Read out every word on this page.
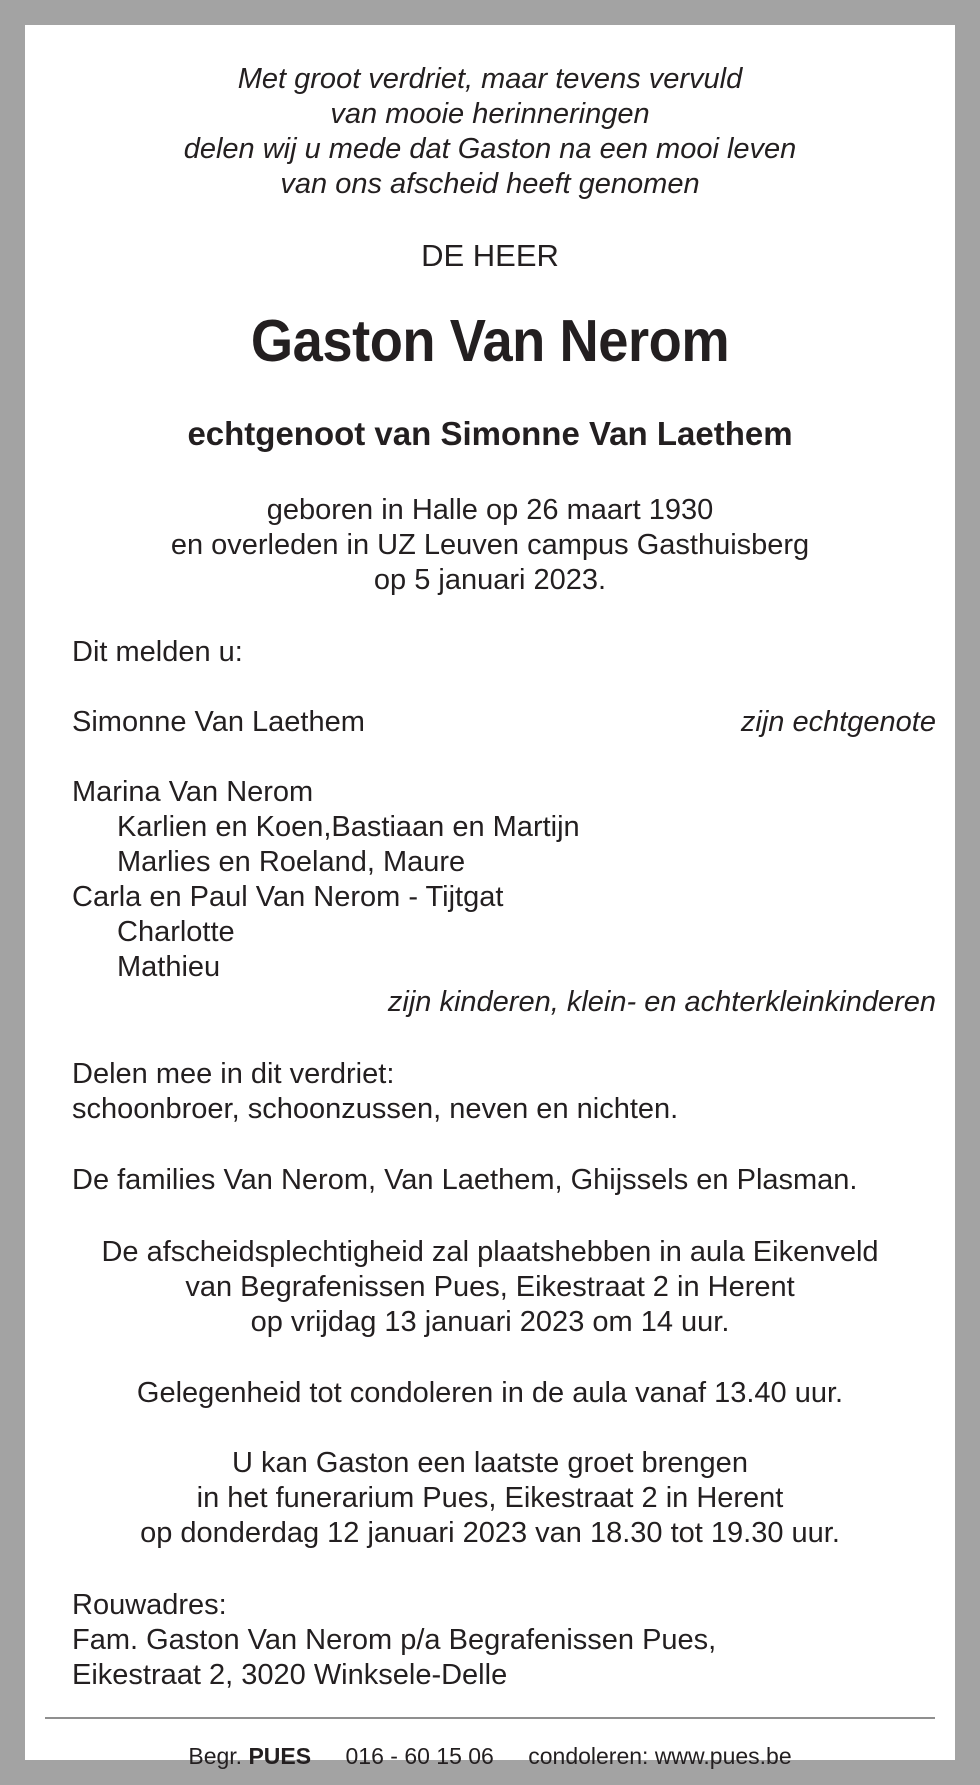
Met groot verdriet, maar tevens vervuld
van mooie herinneringen
delen wij u mede dat Gaston na een mooi leven
van ons afscheid heeft genomen
DE HEER
Gaston Van Nerom
echtgenoot van Simonne Van Laethem
geboren in Halle op 26 maart 1930
en overleden in UZ Leuven campus Gasthuisberg
op 5 januari 2023.
Dit melden u:
Simonne Van Laethem	zijn echtgenote
Marina Van Nerom
Karlien en Koen,Bastiaan en Martijn
Marlies en Roeland, Maure
Carla en Paul Van Nerom - Tijtgat
Charlotte
Mathieu
zijn kinderen, klein- en achterkleinkinderen
Delen mee in dit verdriet:
schoonbroer, schoonzussen, neven en nichten.
De families Van Nerom, Van Laethem, Ghijssels en Plasman.
De afscheidsplechtigheid zal plaatshebben in aula Eikenveld
van Begrafenissen Pues, Eikestraat 2 in Herent
op vrijdag 13 januari 2023 om 14 uur.
Gelegenheid tot condoleren in de aula vanaf 13.40 uur.
U kan Gaston een laatste groet brengen
in het funerarium Pues, Eikestraat 2 in Herent
op donderdag 12 januari 2023 van 18.30 tot 19.30 uur.
Rouwadres:
Fam. Gaston Van Nerom p/a Begrafenissen Pues,
Eikestraat 2, 3020 Winksele-Delle
Begr. PUES 016 - 60 15 06 condoleren: www.pues.be
